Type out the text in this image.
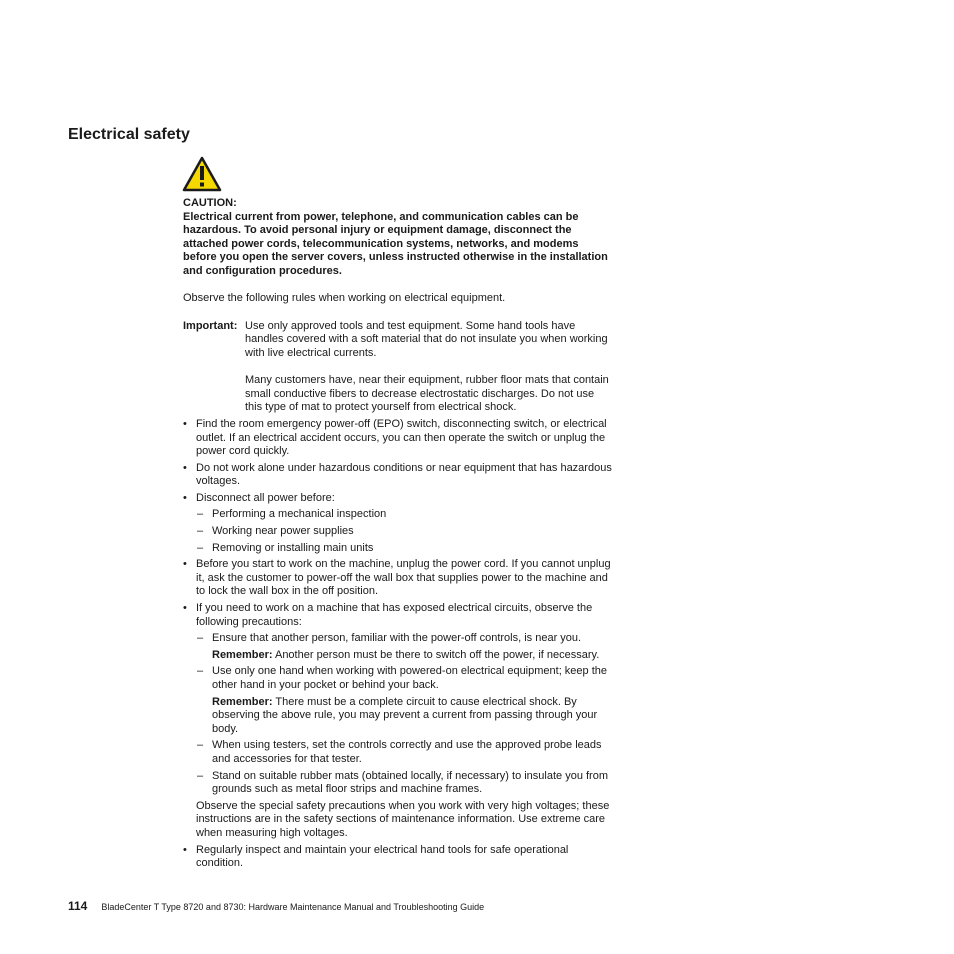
Electrical safety

CAUTION:

Electrical current from power, telephone, and communication cables can be hazardous. To avoid personal injury or equipment damage, disconnect the attached power cords, telecommunication systems, networks, and modems before you open the server covers, unless instructed otherwise in the installation and configuration procedures.

Observe the following rules when working on electrical equipment.

Important: Use only approved tools and test equipment. Some hand tools have handles covered with a soft material that do not insulate you when working with live electrical currents.

Many customers have, near their equipment, rubber floor mats that contain small conductive fibers to decrease electrostatic discharges. Do not use this type of mat to protect yourself from electrical shock.

• Find the room emergency power-off (EPO) switch, disconnecting switch, or electrical outlet. If an electrical accident occurs, you can then operate the switch or unplug the power cord quickly.
• Do not work alone under hazardous conditions or near equipment that has hazardous voltages.
• Disconnect all power before:
– Performing a mechanical inspection
– Working near power supplies
– Removing or installing main units
• Before you start to work on the machine, unplug the power cord. If you cannot unplug it, ask the customer to power-off the wall box that supplies power to the machine and to lock the wall box in the off position.
• If you need to work on a machine that has exposed electrical circuits, observe the following precautions:
– Ensure that another person, familiar with the power-off controls, is near you.

Remember: Another person must be there to switch off the power, if necessary.

– Use only one hand when working with powered-on electrical equipment; keep the other hand in your pocket or behind your back.

Remember: There must be a complete circuit to cause electrical shock. By observing the above rule, you may prevent a current from passing through your body.

– When using testers, set the controls correctly and use the approved probe leads and accessories for that tester.
– Stand on suitable rubber mats (obtained locally, if necessary) to insulate you from grounds such as metal floor strips and machine frames.

Observe the special safety precautions when you work with very high voltages; these instructions are in the safety sections of maintenance information. Use extreme care when measuring high voltages.

• Regularly inspect and maintain your electrical hand tools for safe operational condition.
114 BladeCenter T Type 8720 and 8730: Hardware Maintenance Manual and Troubleshooting Guide
